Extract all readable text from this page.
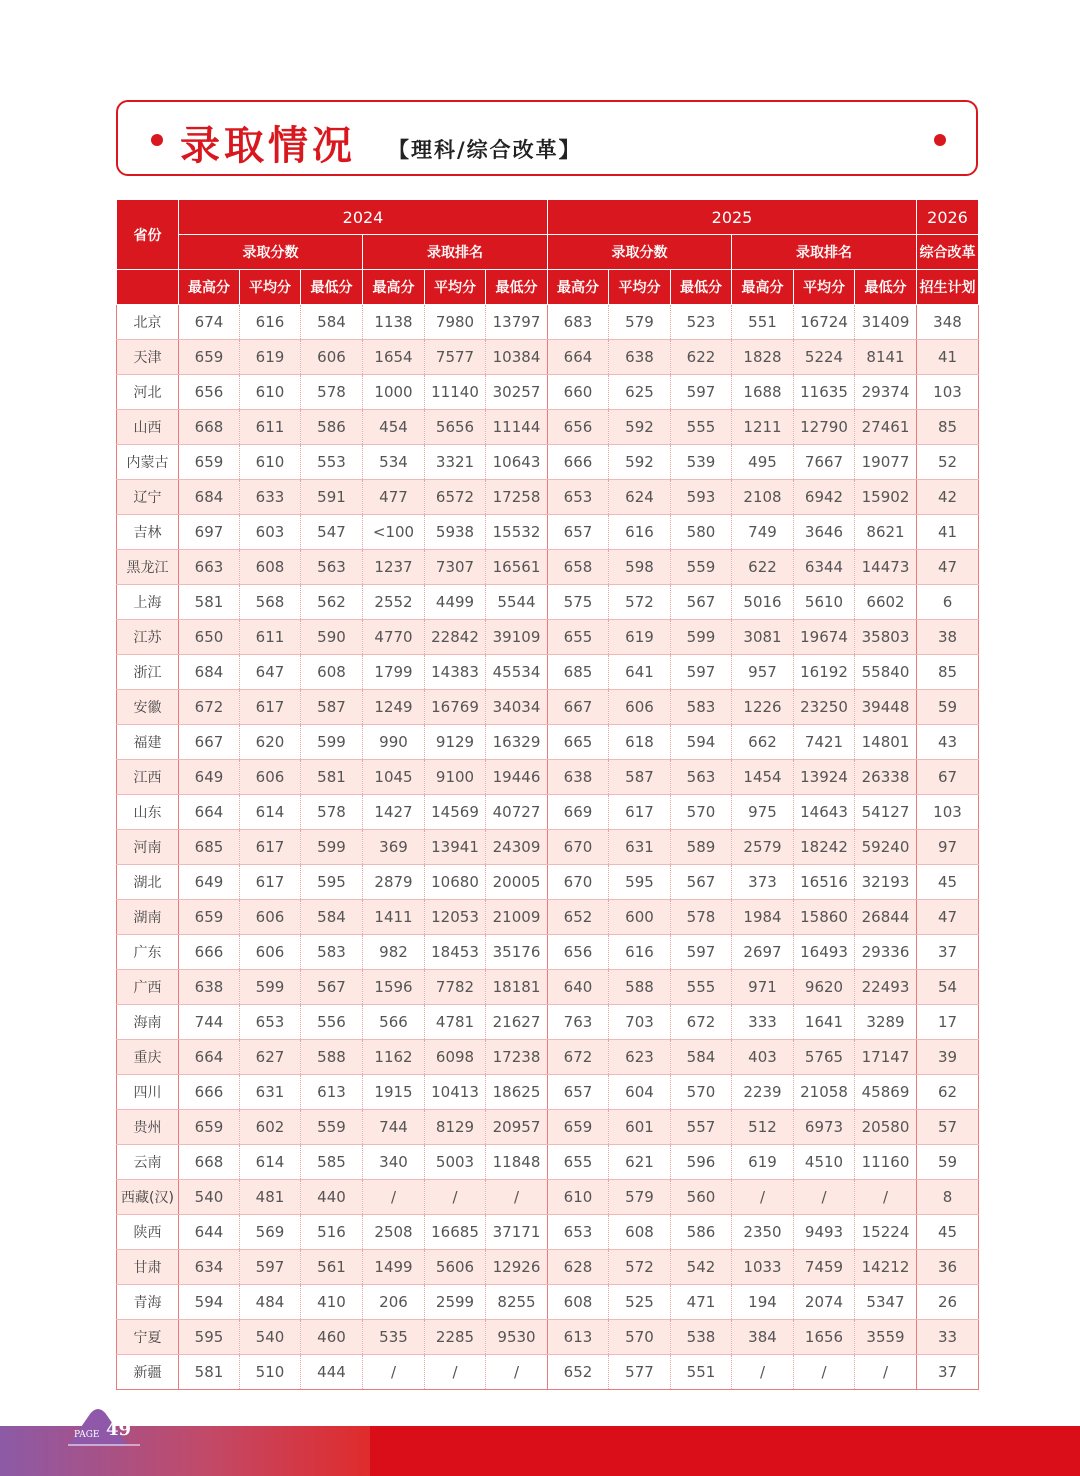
录取情况 【理科/综合改革】
省份	2024						2025						2026
	录取分数			录取排名			录取分数			录取排名			综合改革
	最高分	平均分	最低分	最高分	平均分	最低分	最高分	平均分	最低分	最高分	平均分	最低分	招生计划
北京	674	616	584	1138	7980	13797	683	579	523	551	16724	31409	348
天津	659	619	606	1654	7577	10384	664	638	622	1828	5224	8141	41
河北	656	610	578	1000	11140	30257	660	625	597	1688	11635	29374	103
山西	668	611	586	454	5656	11144	656	592	555	1211	12790	27461	85
内蒙古	659	610	553	534	3321	10643	666	592	539	495	7667	19077	52
辽宁	684	633	591	477	6572	17258	653	624	593	2108	6942	15902	42
吉林	697	603	547	<100	5938	15532	657	616	580	749	3646	8621	41
黑龙江	663	608	563	1237	7307	16561	658	598	559	622	6344	14473	47
上海	581	568	562	2552	4499	5544	575	572	567	5016	5610	6602	6
江苏	650	611	590	4770	22842	39109	655	619	599	3081	19674	35803	38
浙江	684	647	608	1799	14383	45534	685	641	597	957	16192	55840	85
安徽	672	617	587	1249	16769	34034	667	606	583	1226	23250	39448	59
福建	667	620	599	990	9129	16329	665	618	594	662	7421	14801	43
江西	649	606	581	1045	9100	19446	638	587	563	1454	13924	26338	67
山东	664	614	578	1427	14569	40727	669	617	570	975	14643	54127	103
河南	685	617	599	369	13941	24309	670	631	589	2579	18242	59240	97
湖北	649	617	595	2879	10680	20005	670	595	567	373	16516	32193	45
湖南	659	606	584	1411	12053	21009	652	600	578	1984	15860	26844	47
广东	666	606	583	982	18453	35176	656	616	597	2697	16493	29336	37
广西	638	599	567	1596	7782	18181	640	588	555	971	9620	22493	54
海南	744	653	556	566	4781	21627	763	703	672	333	1641	3289	17
重庆	664	627	588	1162	6098	17238	672	623	584	403	5765	17147	39
四川	666	631	613	1915	10413	18625	657	604	570	2239	21058	45869	62
贵州	659	602	559	744	8129	20957	659	601	557	512	6973	20580	57
云南	668	614	585	340	5003	11848	655	621	596	619	4510	11160	59
西藏(汉)	540	481	440	/	/	/	610	579	560	/	/	/	8
陕西	644	569	516	2508	16685	37171	653	608	586	2350	9493	15224	45
甘肃	634	597	561	1499	5606	12926	628	572	542	1033	7459	14212	36
青海	594	484	410	206	2599	8255	608	525	471	194	2074	5347	26
宁夏	595	540	460	535	2285	9530	613	570	538	384	1656	3559	33
新疆	581	510	444	/	/	/	652	577	551	/	/	/	37
PAGE 49
